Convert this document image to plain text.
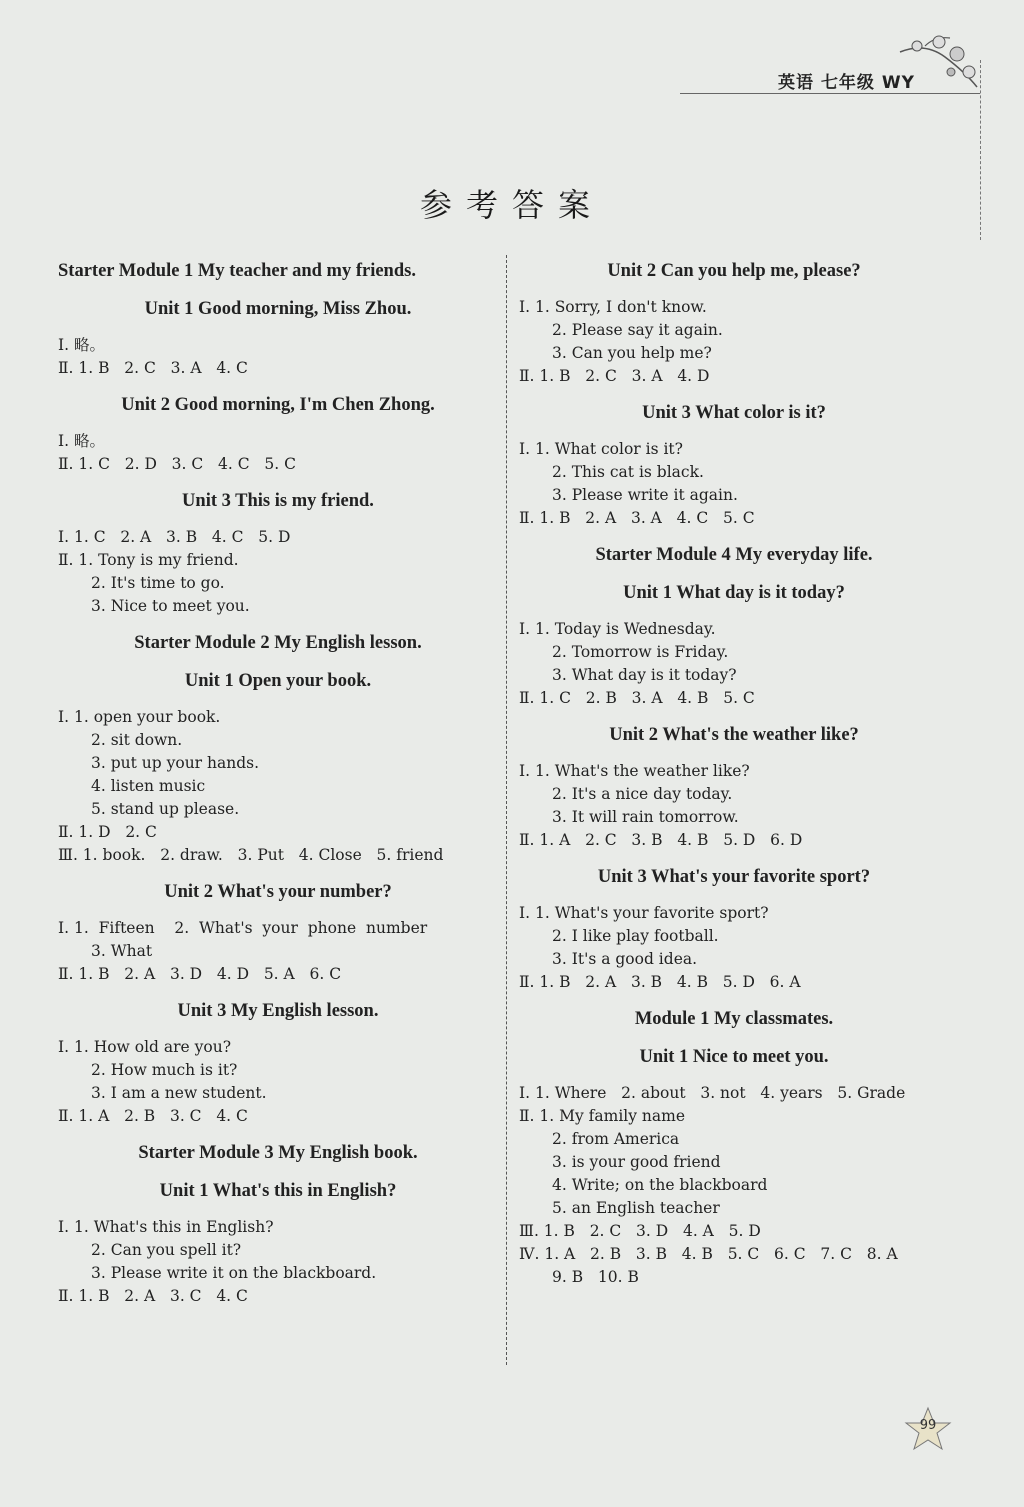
英语 七年级 WY
参考答案
Starter Module 1 My teacher and my friends.
Unit 1 Good morning, Miss Zhou.
Ⅰ. 略。
Ⅱ. 1. B   2. C   3. A   4. C
Unit 2 Good morning, I'm Chen Zhong.
Ⅰ. 略。
Ⅱ. 1. C   2. D   3. C   4. C   5. C
Unit 3 This is my friend.
Ⅰ. 1. C   2. A   3. B   4. C   5. D
Ⅱ. 1. Tony is my friend.
2. It's time to go.
3. Nice to meet you.
Starter Module 2 My English lesson.
Unit 1 Open your book.
Ⅰ. 1. open your book.
2. sit down.
3. put up your hands.
4. listen music
5. stand up please.
Ⅱ. 1. D   2. C
Ⅲ. 1. book.   2. draw.   3. Put   4. Close   5. friend
Unit 2 What's your number?
Ⅰ. 1.  Fifteen    2.  What's  your  phone  number
3. What
Ⅱ. 1. B   2. A   3. D   4. D   5. A   6. C
Unit 3 My English lesson.
Ⅰ. 1. How old are you?
2. How much is it?
3. I am a new student.
Ⅱ. 1. A   2. B   3. C   4. C
Starter Module 3 My English book.
Unit 1 What's this in English?
Ⅰ. 1. What's this in English?
2. Can you spell it?
3. Please write it on the blackboard.
Ⅱ. 1. B   2. A   3. C   4. C
Unit 2 Can you help me, please?
Ⅰ. 1. Sorry, I don't know.
2. Please say it again.
3. Can you help me?
Ⅱ. 1. B   2. C   3. A   4. D
Unit 3 What color is it?
Ⅰ. 1. What color is it?
2. This cat is black.
3. Please write it again.
Ⅱ. 1. B   2. A   3. A   4. C   5. C
Starter Module 4 My everyday life.
Unit 1 What day is it today?
Ⅰ. 1. Today is Wednesday.
2. Tomorrow is Friday.
3. What day is it today?
Ⅱ. 1. C   2. B   3. A   4. B   5. C
Unit 2 What's the weather like?
Ⅰ. 1. What's the weather like?
2. It's a nice day today.
3. It will rain tomorrow.
Ⅱ. 1. A   2. C   3. B   4. B   5. D   6. D
Unit 3 What's your favorite sport?
Ⅰ. 1. What's your favorite sport?
2. I like play football.
3. It's a good idea.
Ⅱ. 1. B   2. A   3. B   4. B   5. D   6. A
Module 1 My classmates.
Unit 1 Nice to meet you.
Ⅰ. 1. Where   2. about   3. not   4. years   5. Grade
Ⅱ. 1. My family name
2. from America
3. is your good friend
4. Write; on the blackboard
5. an English teacher
Ⅲ. 1. B   2. C   3. D   4. A   5. D
Ⅳ. 1. A   2. B   3. B   4. B   5. C   6. C   7. C   8. A
9. B   10. B
99
